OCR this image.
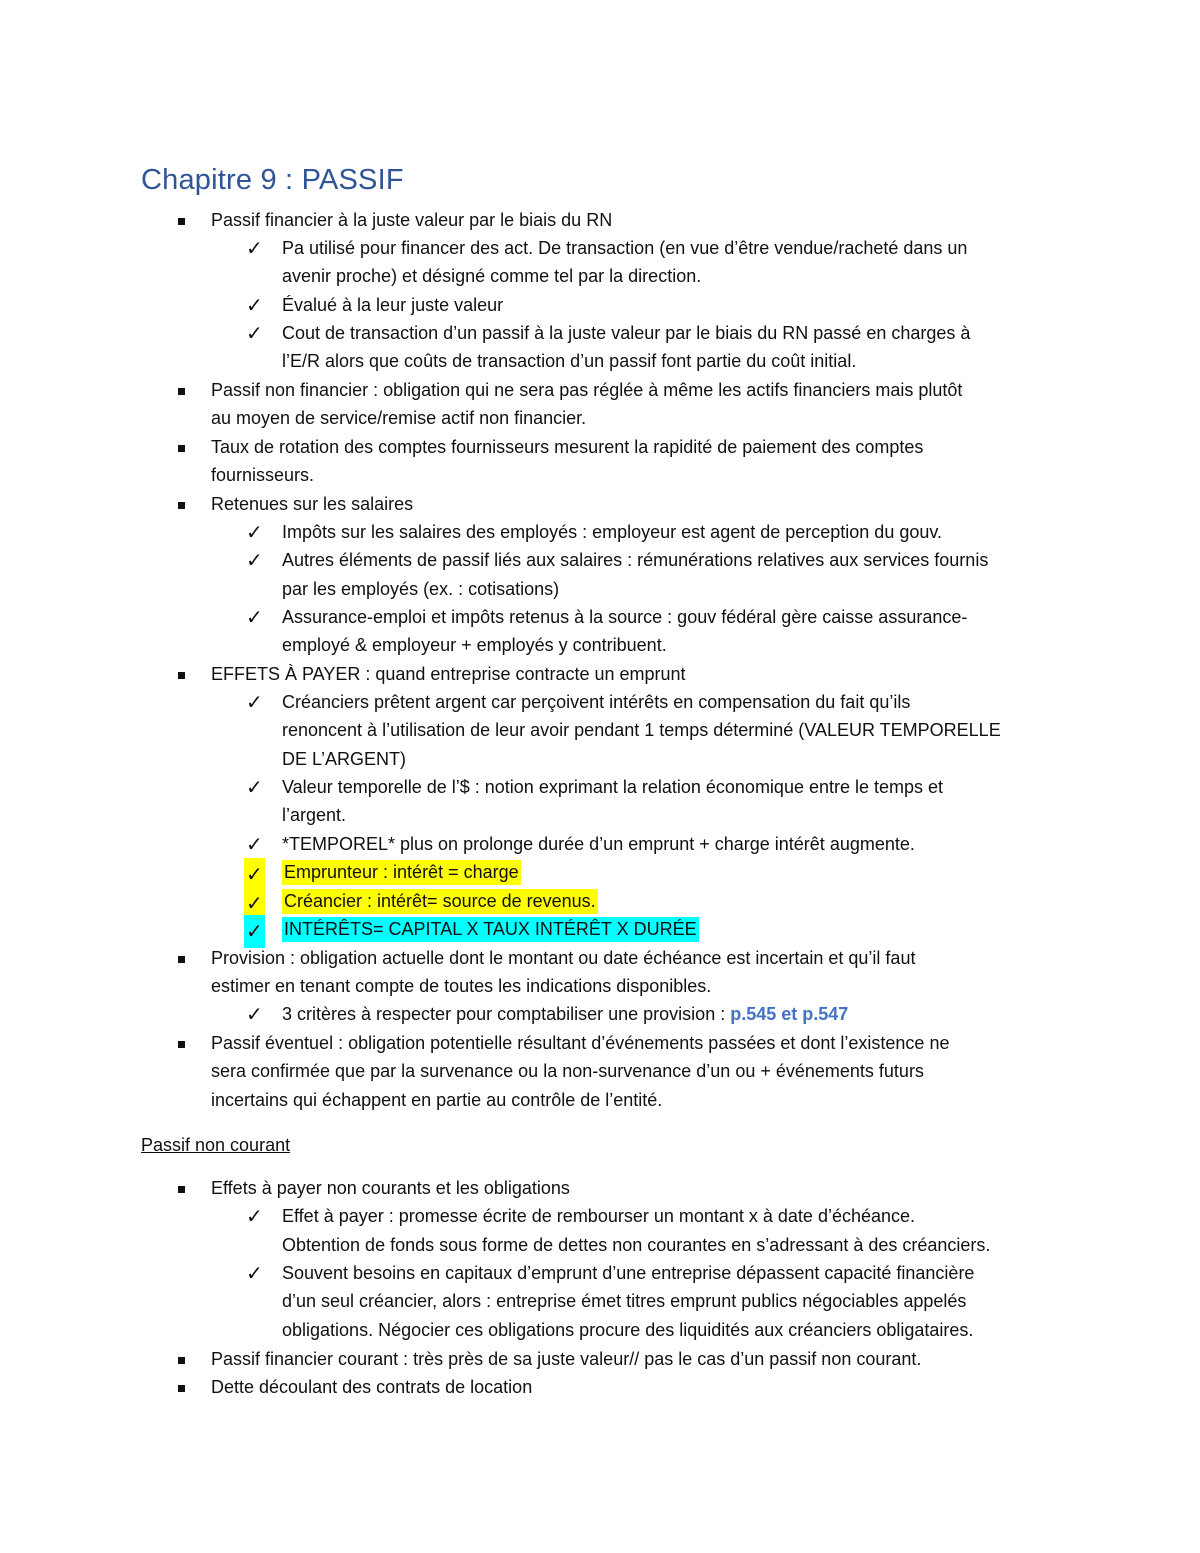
Chapitre 9 : PASSIF
Passif financier à la juste valeur par le biais du RN
✓ Pa utilisé pour financer des act. De transaction (en vue d’être vendue/racheté dans un
avenir proche) et désigné comme tel par la direction.
✓ Évalué à la leur juste valeur
✓ Cout de transaction d’un passif à la juste valeur par le biais du RN passé en charges à
l’E/R alors que coûts de transaction d’un passif font partie du coût initial.
Passif non financier : obligation qui ne sera pas réglée à même les actifs financiers mais plutôt
au moyen de service/remise actif non financier.
Taux de rotation des comptes fournisseurs mesurent la rapidité de paiement des comptes
fournisseurs.
Retenues sur les salaires
✓ Impôts sur les salaires des employés : employeur est agent de perception du gouv.
✓ Autres éléments de passif liés aux salaires : rémunérations relatives aux services fournis
par les employés (ex. : cotisations)
✓ Assurance-emploi et impôts retenus à la source : gouv fédéral gère caisse assurance-
employé & employeur + employés y contribuent.
EFFETS À PAYER : quand entreprise contracte un emprunt
✓ Créanciers prêtent argent car perçoivent intérêts en compensation du fait qu’ils
renoncent à l’utilisation de leur avoir pendant 1 temps déterminé (VALEUR TEMPORELLE
DE L’ARGENT)
✓ Valeur temporelle de l’$ : notion exprimant la relation économique entre le temps et
l’argent.
✓ *TEMPOREL* plus on prolonge durée d’un emprunt + charge intérêt augmente.
✓ Emprunteur : intérêt = charge
✓ Créancier : intérêt= source de revenus.
✓ INTÉRÊTS= CAPITAL X TAUX INTÉRÊT X DURÉE
Provision : obligation actuelle dont le montant ou date échéance est incertain et qu’il faut
estimer en tenant compte de toutes les indications disponibles.
✓ 3 critères à respecter pour comptabiliser une provision : p.545 et p.547
Passif éventuel : obligation potentielle résultant d’événements passées et dont l’existence ne
sera confirmée que par la survenance ou la non-survenance d’un ou + événements futurs
incertains qui échappent en partie au contrôle de l’entité.
Passif non courant
Effets à payer non courants et les obligations
✓ Effet à payer : promesse écrite de rembourser un montant x à date d’échéance.
Obtention de fonds sous forme de dettes non courantes en s’adressant à des créanciers.
✓ Souvent besoins en capitaux d’emprunt d’une entreprise dépassent capacité financière
d’un seul créancier, alors : entreprise émet titres emprunt publics négociables appelés
obligations. Négocier ces obligations procure des liquidités aux créanciers obligataires.
Passif financier courant : très près de sa juste valeur// pas le cas d’un passif non courant.
Dette découlant des contrats de location
